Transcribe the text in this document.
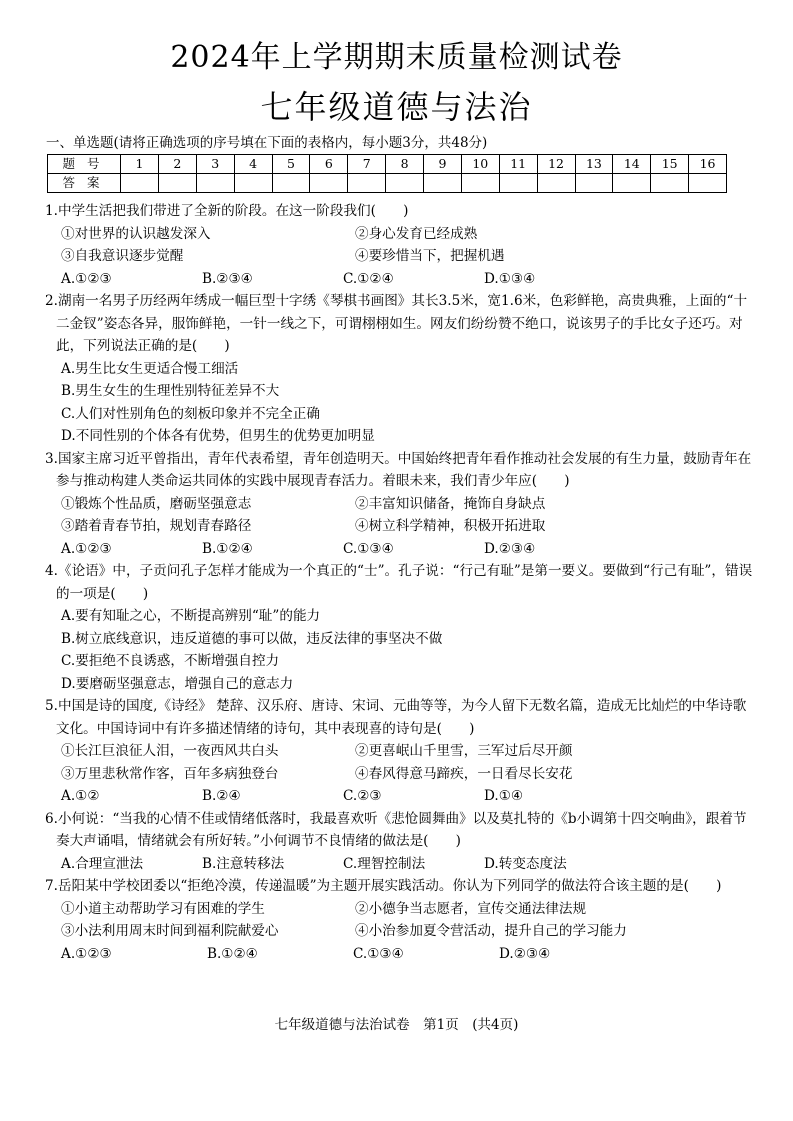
2024年上学期期末质量检测试卷
七年级道德与法治
一、单选题(请将正确选项的序号填在下面的表格内，每小题3分，共48分)
题号	1	2	3	4	5	6	7	8	9	10	11	12	13	14	15	16
答案																
1.中学生活把我们带进了全新的阶段。在这一阶段我们(　　)
①对世界的认识越发深入	②身心发育已经成熟
③自我意识逐步觉醒	④要珍惜当下，把握机遇
A.①②③	B.②③④	C.①②④	D.①③④
2.湖南一名男子历经两年绣成一幅巨型十字绣《琴棋书画图》其长3.5米，宽1.6米，色彩鲜艳，高贵典雅，上面的“十二金钗”姿态各异，服饰鲜艳，一针一线之下，可谓栩栩如生。网友们纷纷赞不绝口，说该男子的手比女子还巧。对此，下列说法正确的是(　　)
A.男生比女生更适合慢工细活
B.男生女生的生理性别特征差异不大
C.人们对性别角色的刻板印象并不完全正确
D.不同性别的个体各有优势，但男生的优势更加明显
3.国家主席习近平曾指出，青年代表希望，青年创造明天。中国始终把青年看作推动社会发展的有生力量，鼓励青年在参与推动构建人类命运共同体的实践中展现青春活力。着眼未来，我们青少年应(　　)
①锻炼个性品质，磨砺坚强意志	②丰富知识储备，掩饰自身缺点
③踏着青春节拍，规划青春路径	④树立科学精神，积极开拓进取
A.①②③	B.①②④	C.①③④	D.②③④
4.《论语》中，子贡问孔子怎样才能成为一个真正的“士”。孔子说：“行己有耻”是第一要义。要做到“行己有耻”，错误的一项是(　　)
A.要有知耻之心，不断提高辨别“耻”的能力
B.树立底线意识，违反道德的事可以做，违反法律的事坚决不做
C.要拒绝不良诱惑，不断增强自控力
D.要磨砺坚强意志，增强自己的意志力
5.中国是诗的国度,《诗经》 楚辞、汉乐府、唐诗、宋词、元曲等等，为今人留下无数名篇，造成无比灿烂的中华诗歌文化。中国诗词中有许多描述情绪的诗句，其中表现喜的诗句是(　　)
①长江巨浪征人泪，一夜西风共白头	②更喜岷山千里雪，三军过后尽开颜
③万里悲秋常作客，百年多病独登台	④春风得意马蹄疾，一日看尽长安花
A.①②	B.②④	C.②③	D.①④
6.小何说：“当我的心情不佳或情绪低落时，我最喜欢听《悲怆圆舞曲》以及莫扎特的《b小调第十四交响曲》，跟着节奏大声诵唱，情绪就会有所好转。”小何调节不良情绪的做法是(　　)
A.合理宣泄法	B.注意转移法	C.理智控制法	D.转变态度法
7.岳阳某中学校团委以“拒绝冷漠，传递温暖”为主题开展实践活动。你认为下列同学的做法符合该主题的是(　　)
①小道主动帮助学习有困难的学生	②小德争当志愿者，宣传交通法律法规
③小法利用周末时间到福利院献爱心	④小治参加夏令营活动，提升自己的学习能力
A.①②③	B.①②④	C.①③④	D.②③④
七年级道德与法治试卷　第1页　(共4页)
